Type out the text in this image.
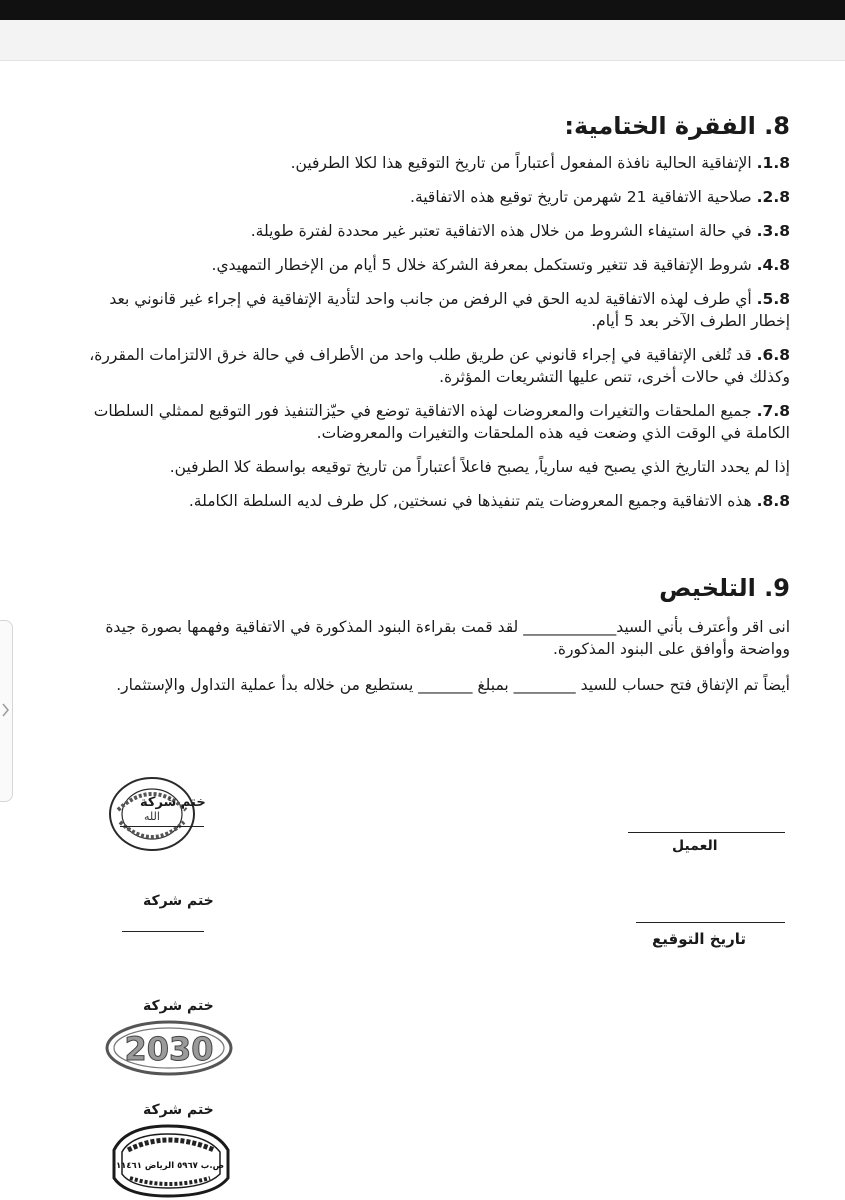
8. الفقرة الختامية:
1.8. الإتفاقية الحالية نافذة المفعول أعتباراً من تاريخ التوقيع هذا لكلا الطرفين.
2.8. صلاحية الاتفاقية 21 شهرمن تاريخ توقيع هذه الاتفاقية.
3.8. في حالة استيفاء الشروط من خلال هذه الاتفاقية تعتبر غير محددة لفترة طويلة.
4.8. شروط الإتفاقية قد تتغير وتستكمل بمعرفة الشركة خلال 5 أيام من الإخطار التمهيدي.
5.8. أي طرف لهذه الاتفاقية لديه الحق في الرفض من جانب واحد لتأدية الإتفاقية في إجراء غير قانوني بعد إخطار الطرف الآخر بعد 5 أيام.
6.8. قد تُلغى الإتفاقية في إجراء قانوني عن طريق طلب واحد من الأطراف في حالة خرق الالتزامات المقررة، وكذلك في حالات أخرى، تنص عليها التشريعات المؤثرة.
7.8. جميع الملحقات والتغيرات والمعروضات لهذه الاتفاقية توضع في حيّزالتنفيذ فور التوقيع لممثلي السلطات الكاملة في الوقت الذي وضعت فيه هذه الملحقات والتغيرات والمعروضات.
إذا لم يحدد التاريخ الذي يصبح فيه سارياً, يصبح فاعلاً أعتباراً من تاريخ توقيعه بواسطة كلا الطرفين.
8.8. هذه الاتفاقية وجميع المعروضات يتم تنفيذها في نسختين, كل طرف لديه السلطة الكاملة.
9. التلخيص

انى اقر وأعترف بأني السيد____________ لقد قمت بقراءة البنود المذكورة في الاتفاقية وفهمها بصورة جيدة وواضحة وأوافق على البنود المذكورة.

أيضاً تم الإتفاق فتح حساب للسيد ________ بمبلغ _______ يستطيع من خلاله بدأ عملية التداول والإستثمار.

العميل
تاريخ التوقيع
الله
ختم شركة
ختم شركة
ختم شركة
2030
ختم شركة
ص.ب ٥٩٦٧ الرياض ١١٤٦١
